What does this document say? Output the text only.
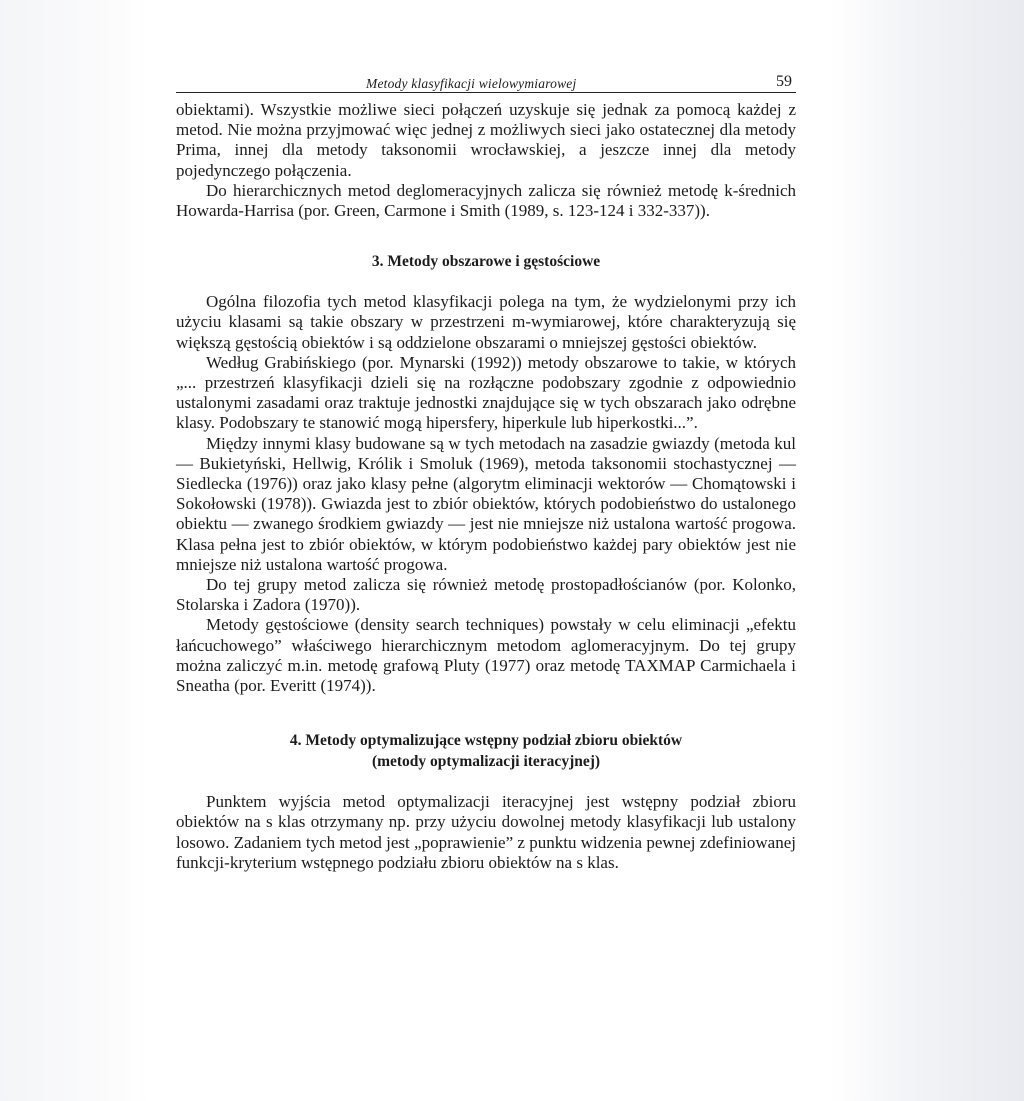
Metody klasyfikacji wielowymiarowej	59

obiektami). Wszystkie możliwe sieci połączeń uzyskuje się jednak za pomocą każdej z metod. Nie można przyjmować więc jednej z możliwych sieci jako ostatecznej dla metody Prima, innej dla metody taksonomii wrocławskiej, a jeszcze innej dla metody pojedynczego połączenia.

Do hierarchicznych metod deglomeracyjnych zalicza się również metodę k-średnich Howarda-Harrisa (por. Green, Carmone i Smith (1989, s. 123-124 i 332-337)).

3. Metody obszarowe i gęstościowe

Ogólna filozofia tych metod klasyfikacji polega na tym, że wydzielonymi przy ich użyciu klasami są takie obszary w przestrzeni m-wymiarowej, które charakteryzują się większą gęstością obiektów i są oddzielone obszarami o mniejszej gęstości obiektów.

Według Grabińskiego (por. Mynarski (1992)) metody obszarowe to takie, w których „... przestrzeń klasyfikacji dzieli się na rozłączne podobszary zgodnie z odpowiednio ustalonymi zasadami oraz traktuje jednostki znajdujące się w tych obszarach jako odrębne klasy. Podobszary te stanowić mogą hipersfery, hiperkule lub hiperkostki...”.

Między innymi klasy budowane są w tych metodach na zasadzie gwiazdy (metoda kul — Bukietyński, Hellwig, Królik i Smoluk (1969), metoda taksonomii stochastycznej — Siedlecka (1976)) oraz jako klasy pełne (algorytm eliminacji wektorów — Chomątowski i Sokołowski (1978)). Gwiazda jest to zbiór obiektów, których podobieństwo do ustalonego obiektu — zwanego środkiem gwiazdy — jest nie mniejsze niż ustalona wartość progowa. Klasa pełna jest to zbiór obiektów, w którym podobieństwo każdej pary obiektów jest nie mniejsze niż ustalona wartość progowa.

Do tej grupy metod zalicza się również metodę prostopadłościanów (por. Kolonko, Stolarska i Zadora (1970)).

Metody gęstościowe (density search techniques) powstały w celu eliminacji „efektu łańcuchowego” właściwego hierarchicznym metodom aglomeracyjnym. Do tej grupy można zaliczyć m.in. metodę grafową Pluty (1977) oraz metodę TAXMAP Carmichaela i Sneatha (por. Everitt (1974)).

4. Metody optymalizujące wstępny podział zbioru obiektów
(metody optymalizacji iteracyjnej)

Punktem wyjścia metod optymalizacji iteracyjnej jest wstępny podział zbioru obiektów na s klas otrzymany np. przy użyciu dowolnej metody klasyfikacji lub ustalony losowo. Zadaniem tych metod jest „poprawienie” z punktu widzenia pewnej zdefiniowanej funkcji-kryterium wstępnego podziału zbioru obiektów na s klas.
